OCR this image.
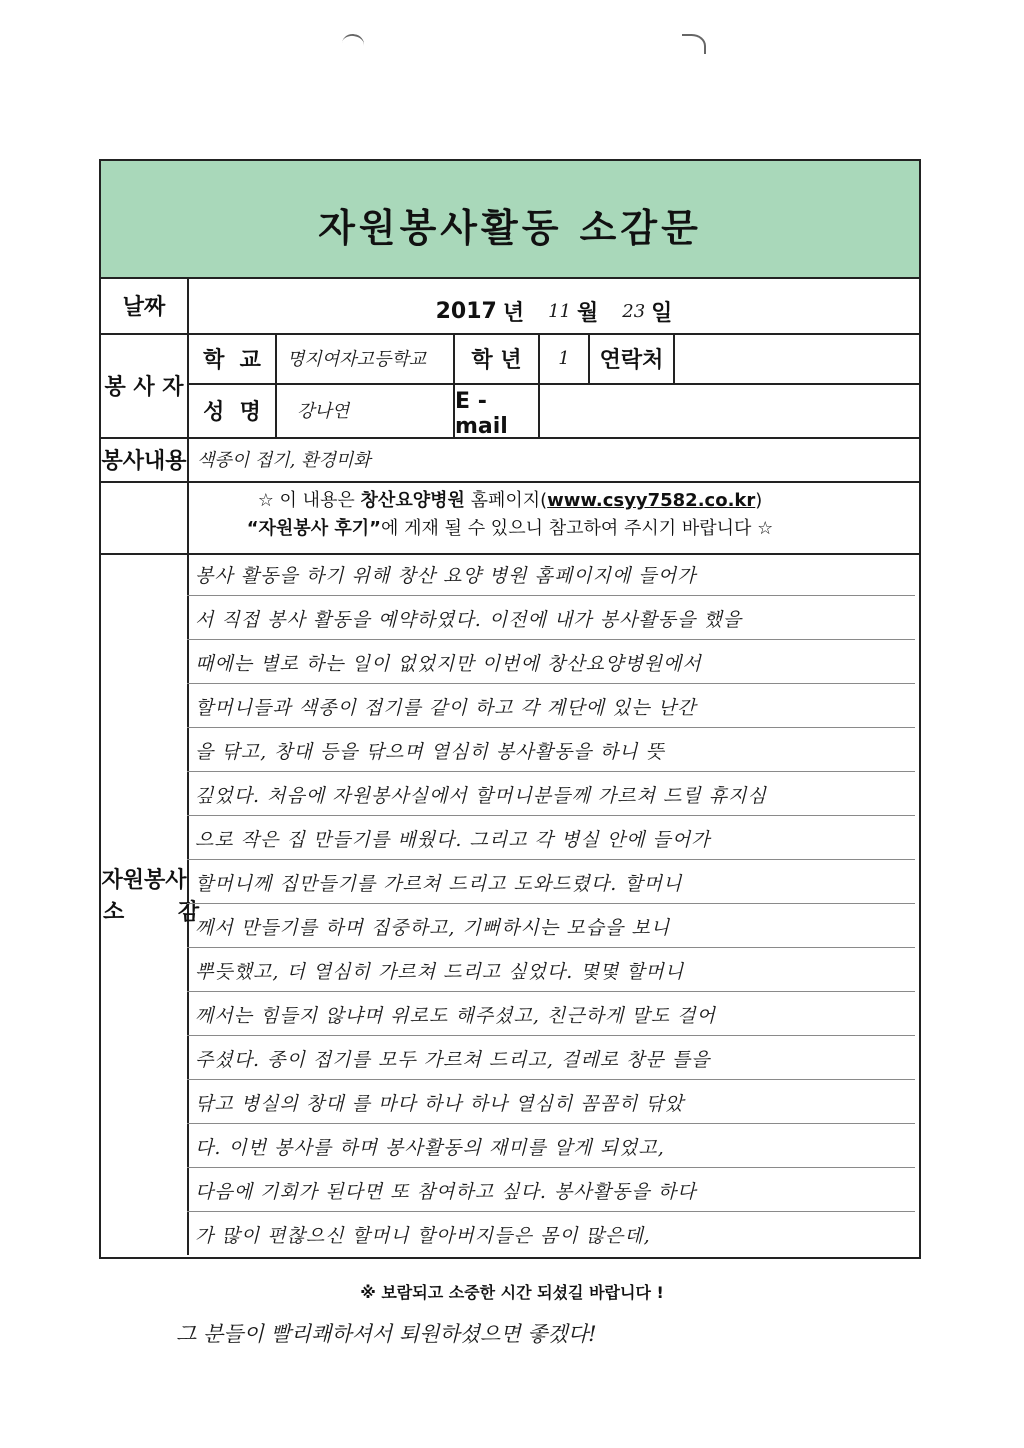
자원봉사활동 소감문
날짜	2017 년 11 월 23 일
봉 사 자
학  교	명지여자고등학교	학 년	1	연락처
성  명	강나연	E -mail
봉사내용 색종이 접기, 환경미화
☆ 이 내용은 창산요양병원 홈페이지(www.csyy7582.co.kr)
“자원봉사 후기”에 게재 될 수 있으니 참고하여 주시기 바랍니다 ☆
자원봉사
소       감
봉사 활동을 하기 위해 창산 요양 병원 홈페이지에 들어가
서 직접 봉사 활동을 예약하였다. 이전에 내가 봉사활동을 했을
때에는 별로 하는 일이 없었지만 이번에 창산요양병원에서
할머니들과 색종이 접기를 같이 하고 각 계단에 있는 난간
을 닦고, 창대 등을 닦으며 열심히 봉사활동을 하니 뜻
깊었다. 처음에 자원봉사실에서 할머니분들께 가르쳐 드릴 휴지심
으로 작은 집 만들기를 배웠다. 그리고 각 병실 안에 들어가
할머니께 집만들기를 가르쳐 드리고 도와드렸다. 할머니
께서 만들기를 하며 집중하고, 기뻐하시는 모습을 보니
뿌듯했고, 더 열심히 가르쳐 드리고 싶었다. 몇몇 할머니
께서는 힘들지 않냐며 위로도 해주셨고, 친근하게 말도 걸어
주셨다. 종이 접기를 모두 가르쳐 드리고, 걸레로 창문 틀을
닦고 병실의 창대 를 마다 하나 하나 열심히 꼼꼼히 닦았
다. 이번 봉사를 하며 봉사활동의 재미를 알게 되었고,
다음에 기회가 된다면 또 참여하고 싶다. 봉사활동을 하다
가 많이 편찮으신 할머니 할아버지들은 몸이 많은데,
※ 보람되고 소중한 시간 되셨길 바랍니다 !
그 분들이 빨리쾌하셔서 퇴원하셨으면 좋겠다!
